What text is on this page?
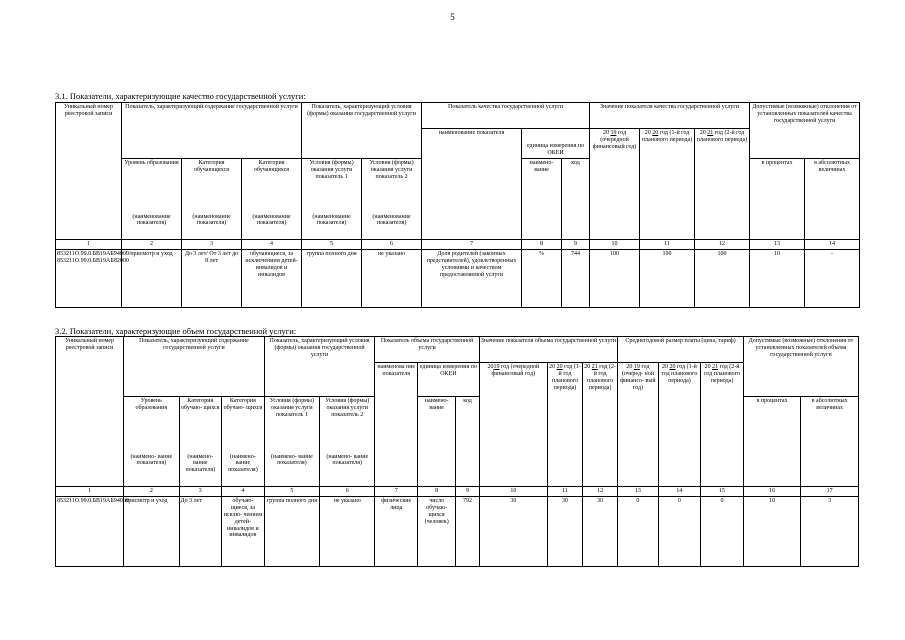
5
3.1. Показатели, характеризующие качество государственной услуги:
Уникальный номер реестровой записи	Показатель, характеризующий содержание государственной услуги			Показатель, характеризующий условия (формы) оказания государственной услуги		Показатель качества государственной услуги			Значение показателя качества государственной услуги			Допустимые (возможные) отклонения от установленных показателей качества государственной услуги	
						наименование показателя	единица измерения по ОКЕИ		20 19 год (очередной финансовый год)	20 20 год (1-й год планового периода)	20 21 год (2-й год планового периода)		
	Уровень образования	Категория обучающихся	Категория обучающихся	Условия (формы) оказания услуги показатель 1	Условия (формы) оказания услуги показатель 2		наимено- вание	код				в процентах	в абсолютных величинах
	(наименование показателя)	(наименование показателя)	(наименование показателя)	(наименование показателя)	(наименование показателя)								
1	2	3	4	5	6	7	8	9	10	11	12	13	14
853211О.99.0.БВ19АБ94000/ 853211О.99.0.БВ19АБ82000	присмотр и уход	До 3 лет/ От 3 лет до 8 лет	обучающиеся, за исключением детей-инвалидов и инвалидов	группа полного дня	не указано	Доля родителей (законных представителей), удовлетворенных условиями и качеством предоставляемой услуги	%	744	100	100	100	10	-
3.2. Показатели, характеризующие объем государственной услуги:
Уникальный номер реестровой записи	Показатель, характеризующий содержание государственной услуги			Показатель, характеризующий условия (формы) оказания государственной услуги		Показатель объема государственной услуги			Значение показателя объема государственной услуги			Среднегодовой размер платы (цена, тариф)			Допустимые (возможные) отклонения от установленных показателей объема государственной услуги	
						наименова ние показателя	единица измерения по ОКЕИ		2019 год (очередной финансовый год)	20 20 год (1-й год планового периода)	20 21 год (2-й год планового периода)	20 19 год (очеред- ной финансо- вый год)	20 20 год (1-й год планового периода)	20 21 год (2-й год планового периода)		
	Уровень образования	Категория обучаю- щихся	Категория обучаю- щихся	Условия (формы) оказания услуги показатель 1	Условия (формы) оказания услуги показатель 2		наимено- вание	код							в процентах	в абсолютных величинах
	(наимено- вание показателя)	(наимено- вание показателя)	(наимено- вание показателя)	(наимено- вание показателя)	(наимено- вание показателя)											
1	2	3	4	5	6	7	8	9	10	11	12	13	14	15	16	17
853211О.99.0.БВ19АБ94000	присмотр и уход	До 3 лет	обучаю- щиеся, за исклю- чением детей- инвалидов и инвалидов	группа полного дня	не указано	физические лица	число обучаю- щихся (человек)	792	30	30	30	0	0	0	10	3
